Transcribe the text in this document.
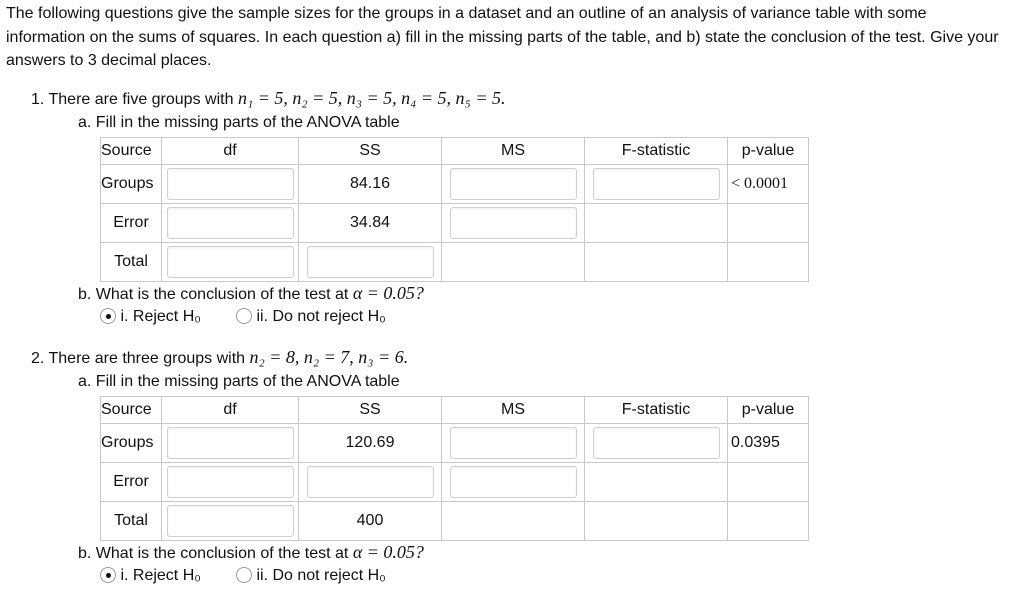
The following questions give the sample sizes for the groups in a dataset and an outline of an analysis of variance table with some information on the sums of squares. In each question a) fill in the missing parts of the table, and b) state the conclusion of the test. Give your answers to 3 decimal places.
1. There are five groups with n₁ = 5, n₂ = 5, n₃ = 5, n₄ = 5, n₅ = 5.
a. Fill in the missing parts of the ANOVA table
Source	df	SS	MS	F-statistic	p-value
Groups		84.16			< 0.0001
Error		34.84	

Total	

b. What is the conclusion of the test at α = 0.05?
i. Reject H₀	ii. Do not reject H₀
2. There are three groups with n₂ = 8, n₂ = 7, n₃ = 6.
a. Fill in the missing parts of the ANOVA table
Source	df	SS	MS	F-statistic	p-value
Groups		120.69			0.0395
Error	

Total		400			
b. What is the conclusion of the test at α = 0.05?
i. Reject H₀	ii. Do not reject H₀
